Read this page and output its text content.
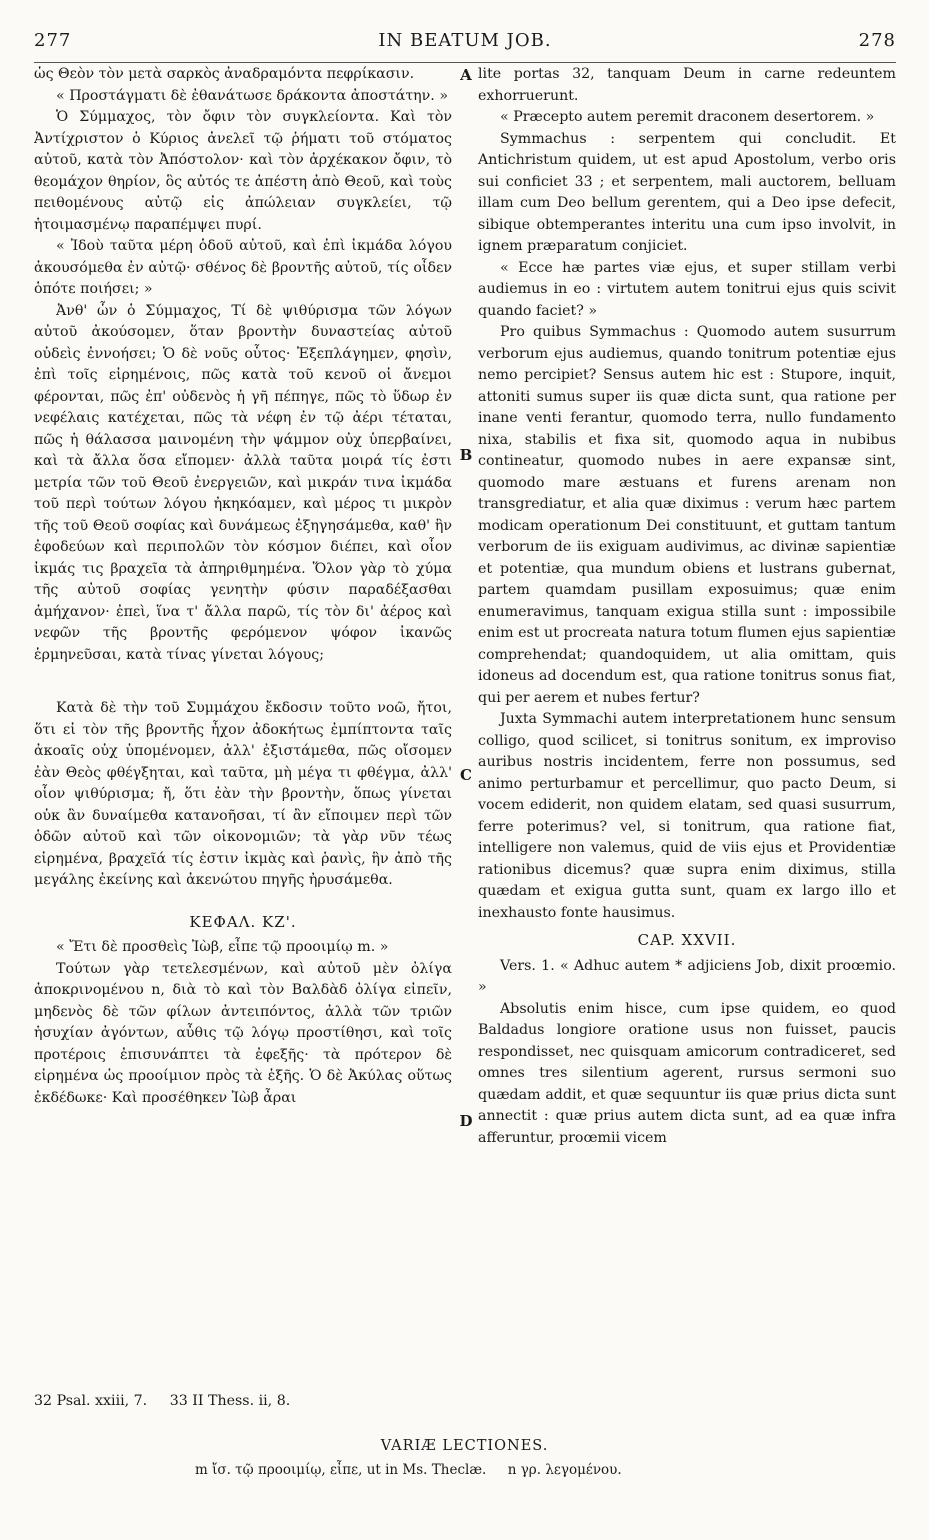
277	IN BEATUM JOB.	278

ὡς Θεὸν τὸν μετὰ σαρκὸς ἀναδραμόντα πεφρίκασιν.

« Προστάγματι δὲ ἐθανάτωσε δράκοντα ἀποστάτην. »

Ὁ Σύμμαχος, τὸν ὄφιν τὸν συγκλείοντα. Καὶ τὸν Ἀντίχριστον ὁ Κύριος ἀνελεῖ τῷ ῥήματι τοῦ στόματος αὐτοῦ, κατὰ τὸν Ἀπόστολον· καὶ τὸν ἀρχέκακον ὄφιν, τὸ θεομάχον θηρίον, ὃς αὐτός τε ἀπέστη ἀπὸ Θεοῦ, καὶ τοὺς πειθομένους αὐτῷ εἰς ἀπώλειαν συγκλείει, τῷ ἡτοιμασμένῳ παραπέμψει πυρί.

« Ἰδοὺ ταῦτα μέρη ὁδοῦ αὐτοῦ, καὶ ἐπὶ ἰκμάδα λόγου ἀκουσόμεθα ἐν αὐτῷ· σθένος δὲ βροντῆς αὐτοῦ, τίς οἶδεν ὁπότε ποιήσει; »

Ἀνθ' ὧν ὁ Σύμμαχος, Τί δὲ ψιθύρισμα τῶν λόγων αὐτοῦ ἀκούσομεν, ὅταν βροντὴν δυναστείας αὐτοῦ οὐδεὶς ἐννοήσει; Ὁ δὲ νοῦς οὗτος· Ἐξεπλάγημεν, φησὶν, ἐπὶ τοῖς εἰρημένοις, πῶς κατὰ τοῦ κενοῦ οἱ ἄνεμοι φέρονται, πῶς ἐπ' οὐδενὸς ἡ γῆ πέπηγε, πῶς τὸ ὕδωρ ἐν νεφέλαις κατέχεται, πῶς τὰ νέφη ἐν τῷ ἀέρι τέταται, πῶς ἡ θάλασσα μαινομένη τὴν ψάμμον οὐχ ὑπερβαίνει, καὶ τὰ ἄλλα ὅσα εἴπομεν· ἀλλὰ ταῦτα μοιρά τίς ἐστι μετρία τῶν τοῦ Θεοῦ ἐνεργειῶν, καὶ μικράν τινα ἰκμάδα τοῦ περὶ τούτων λόγου ἠκηκόαμεν, καὶ μέρος τι μικρὸν τῆς τοῦ Θεοῦ σοφίας καὶ δυνάμεως ἐξηγησάμεθα, καθ' ἣν ἐφοδεύων καὶ περιπολῶν τὸν κόσμον διέπει, καὶ οἷον ἰκμάς τις βραχεῖα τὰ ἀπηριθμημένα. Ὅλον γὰρ τὸ χύμα τῆς αὐτοῦ σοφίας γενητὴν φύσιν παραδέξασθαι ἀμήχανον· ἐπεὶ, ἵνα τ' ἄλλα παρῶ, τίς τὸν δι' ἀέρος καὶ νεφῶν τῆς βροντῆς φερόμενον ψόφον ἱκανῶς ἑρμηνεῦσαι, κατὰ τίνας γίνεται λόγους;

Κατὰ δὲ τὴν τοῦ Συμμάχου ἔκδοσιν τοῦτο νοῶ, ἤτοι, ὅτι εἰ τὸν τῆς βροντῆς ἦχον ἀδοκήτως ἐμπίπτοντα ταῖς ἀκοαῖς οὐχ ὑπομένομεν, ἀλλ' ἐξιστάμεθα, πῶς οἴσομεν ἐὰν Θεὸς φθέγξηται, καὶ ταῦτα, μὴ μέγα τι φθέγμα, ἀλλ' οἷον ψιθύρισμα; ἤ, ὅτι ἐὰν τὴν βροντὴν, ὅπως γίνεται οὐκ ἂν δυναίμεθα κατανοῆσαι, τί ἂν εἴποιμεν περὶ τῶν ὁδῶν αὐτοῦ καὶ τῶν οἰκονομιῶν; τὰ γὰρ νῦν τέως εἰρημένα, βραχεῖά τίς ἐστιν ἰκμὰς καὶ ῥανὶς, ἣν ἀπὸ τῆς μεγάλης ἐκείνης καὶ ἀκενώτου πηγῆς ἠρυσάμεθα.

ΚΕΦΑΛ. ΚΖ'.

« Ἔτι δὲ προσθεὶς Ἰὼβ, εἶπε τῷ προοιμίῳ m. »

Τούτων γὰρ τετελεσμένων, καὶ αὐτοῦ μὲν ὀλίγα ἀποκρινομένου n, διὰ τὸ καὶ τὸν Βαλδὰδ ὀλίγα εἰπεῖν, μηδενὸς δὲ τῶν φίλων ἀντειπόντος, ἀλλὰ τῶν τριῶν ἡσυχίαν ἀγόντων, αὖθις τῷ λόγῳ προστίθησι, καὶ τοῖς προτέροις ἐπισυνάπτει τὰ ἐφεξῆς· τὰ πρότερον δὲ εἰρημένα ὡς προοίμιον πρὸς τὰ ἑξῆς. Ὁ δὲ Ἀκύλας οὕτως ἐκδέδωκε· Καὶ προσέθηκεν Ἰὼβ ἆραι

lite portas 32, tanquam Deum in carne redeuntem exhorruerunt.

« Præcepto autem peremit draconem desertorem. »

Symmachus : serpentem qui concludit. Et Antichristum quidem, ut est apud Apostolum, verbo oris sui conficiet 33 ; et serpentem, mali auctorem, belluam illam cum Deo bellum gerentem, qui a Deo ipse defecit, sibique obtemperantes interitu una cum ipso involvit, in ignem præparatum conjiciet.

« Ecce hæ partes viæ ejus, et super stillam verbi audiemus in eo : virtutem autem tonitrui ejus quis scivit quando faciet? »

Pro quibus Symmachus : Quomodo autem susurrum verborum ejus audiemus, quando tonitrum potentiæ ejus nemo percipiet? Sensus autem hic est : Stupore, inquit, attoniti sumus super iis quæ dicta sunt, qua ratione per inane venti ferantur, quomodo terra, nullo fundamento nixa, stabilis et fixa sit, quomodo aqua in nubibus contineatur, quomodo nubes in aere expansæ sint, quomodo mare æstuans et furens arenam non transgrediatur, et alia quæ diximus : verum hæc partem modicam operationum Dei constituunt, et guttam tantum verborum de iis exiguam audivimus, ac divinæ sapientiæ et potentiæ, qua mundum obiens et lustrans gubernat, partem quamdam pusillam exposuimus; quæ enim enumeravimus, tanquam exigua stilla sunt : impossibile enim est ut procreata natura totum flumen ejus sapientiæ comprehendat; quandoquidem, ut alia omittam, quis idoneus ad docendum est, qua ratione tonitrus sonus fiat, qui per aerem et nubes fertur?

Juxta Symmachi autem interpretationem hunc sensum colligo, quod scilicet, si tonitrus sonitum, ex improviso auribus nostris incidentem, ferre non possumus, sed animo perturbamur et percellimur, quo pacto Deum, si vocem ediderit, non quidem elatam, sed quasi susurrum, ferre poterimus? vel, si tonitrum, qua ratione fiat, intelligere non valemus, quid de viis ejus et Providentiæ rationibus dicemus? quæ supra enim diximus, stilla quædam et exigua gutta sunt, quam ex largo illo et inexhausto fonte hausimus.

CAP. XXVII.

Vers. 1. « Adhuc autem * adjiciens Job, dixit proœmio. »

Absolutis enim hisce, cum ipse quidem, eo quod Baldadus longiore oratione usus non fuisset, paucis respondisset, nec quisquam amicorum contradiceret, sed omnes tres silentium agerent, rursus sermoni suo quædam addit, et quæ sequuntur iis quæ prius dicta sunt annectit : quæ prius autem dicta sunt, ad ea quæ infra afferuntur, proœmii vicem

A
B
C
D
32 Psal. xxiii, 7.     33 II Thess. ii, 8.
VARIÆ LECTIONES.
m ἴσ. τῷ προοιμίῳ, εἶπε, ut in Ms. Theclæ.     n γρ. λεγομένου.
